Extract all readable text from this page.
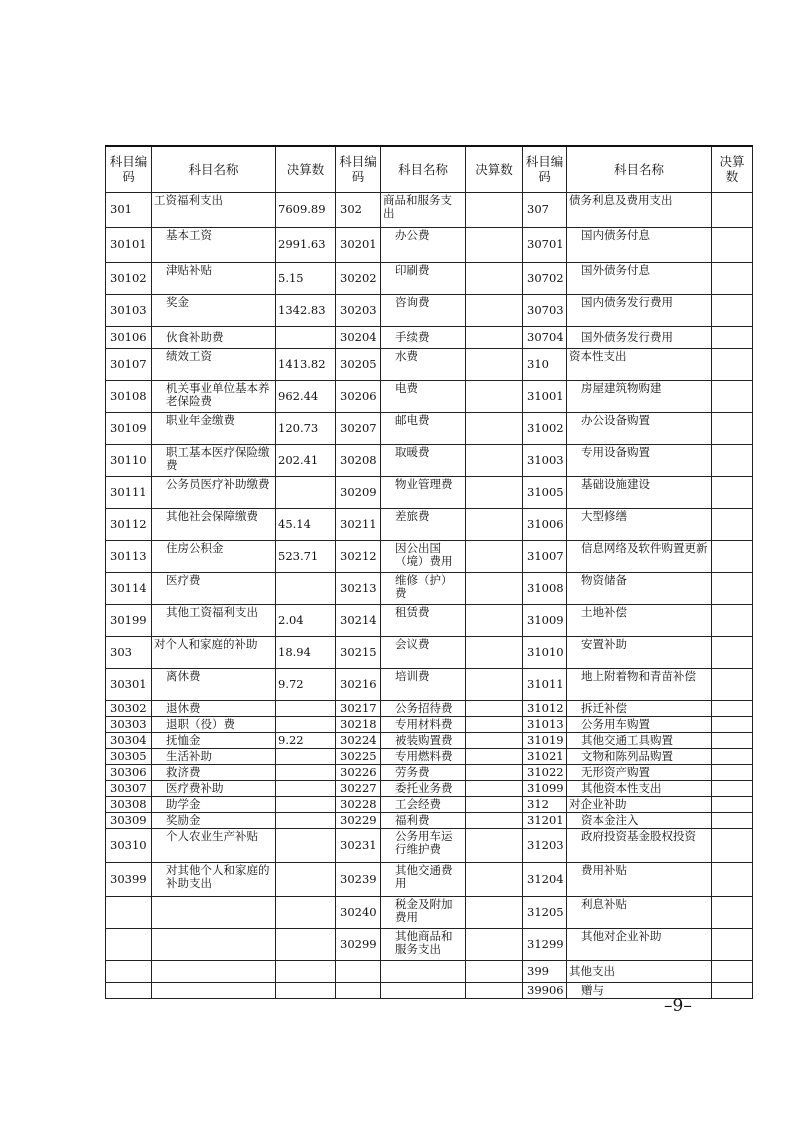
科目编码	科目名称	决算数	科目编码	科目名称	决算数	科目编码	科目名称	决算数
301	工资福利支出	7609.89	302	商品和服务支出		307	债务利息及费用支出	
30101	基本工资	2991.63	30201	办公费		30701	国内债务付息	
30102	津贴补贴	5.15	30202	印刷费		30702	国外债务付息	
30103	奖金	1342.83	30203	咨询费		30703	国内债务发行费用	
30106	伙食补助费		30204	手续费		30704	国外债务发行费用	
30107	绩效工资	1413.82	30205	水费		310	资本性支出	
30108	机关事业单位基本养老保险费	962.44	30206	电费		31001	房屋建筑物购建	
30109	职业年金缴费	120.73	30207	邮电费		31002	办公设备购置	
30110	职工基本医疗保险缴费	202.41	30208	取暖费		31003	专用设备购置	
30111	公务员医疗补助缴费		30209	物业管理费		31005	基础设施建设	
30112	其他社会保障缴费	45.14	30211	差旅费		31006	大型修缮	
30113	住房公积金	523.71	30212	因公出国（境）费用		31007	信息网络及软件购置更新	
30114	医疗费		30213	维修（护）费		31008	物资储备	
30199	其他工资福利支出	2.04	30214	租赁费		31009	土地补偿	
303	对个人和家庭的补助	18.94	30215	会议费		31010	安置补助	
30301	离休费	9.72	30216	培训费		31011	地上附着物和青苗补偿	
30302	退休费		30217	公务招待费		31012	拆迁补偿	
30303	退职（役）费		30218	专用材料费		31013	公务用车购置	
30304	抚恤金	9.22	30224	被装购置费		31019	其他交通工具购置	
30305	生活补助		30225	专用燃料费		31021	文物和陈列品购置	
30306	救济费		30226	劳务费		31022	无形资产购置	
30307	医疗费补助		30227	委托业务费		31099	其他资本性支出	
30308	助学金		30228	工会经费		312	对企业补助	
30309	奖励金		30229	福利费		31201	资本金注入	
30310	个人农业生产补贴		30231	公务用车运行维护费		31203	政府投资基金股权投资	
30399	对其他个人和家庭的补助支出		30239	其他交通费用		31204	费用补贴	
			30240	税金及附加费用		31205	利息补贴	
			30299	其他商品和服务支出		31299	其他对企业补助	
						399	其他支出	
						39906	赠与	
–9–
